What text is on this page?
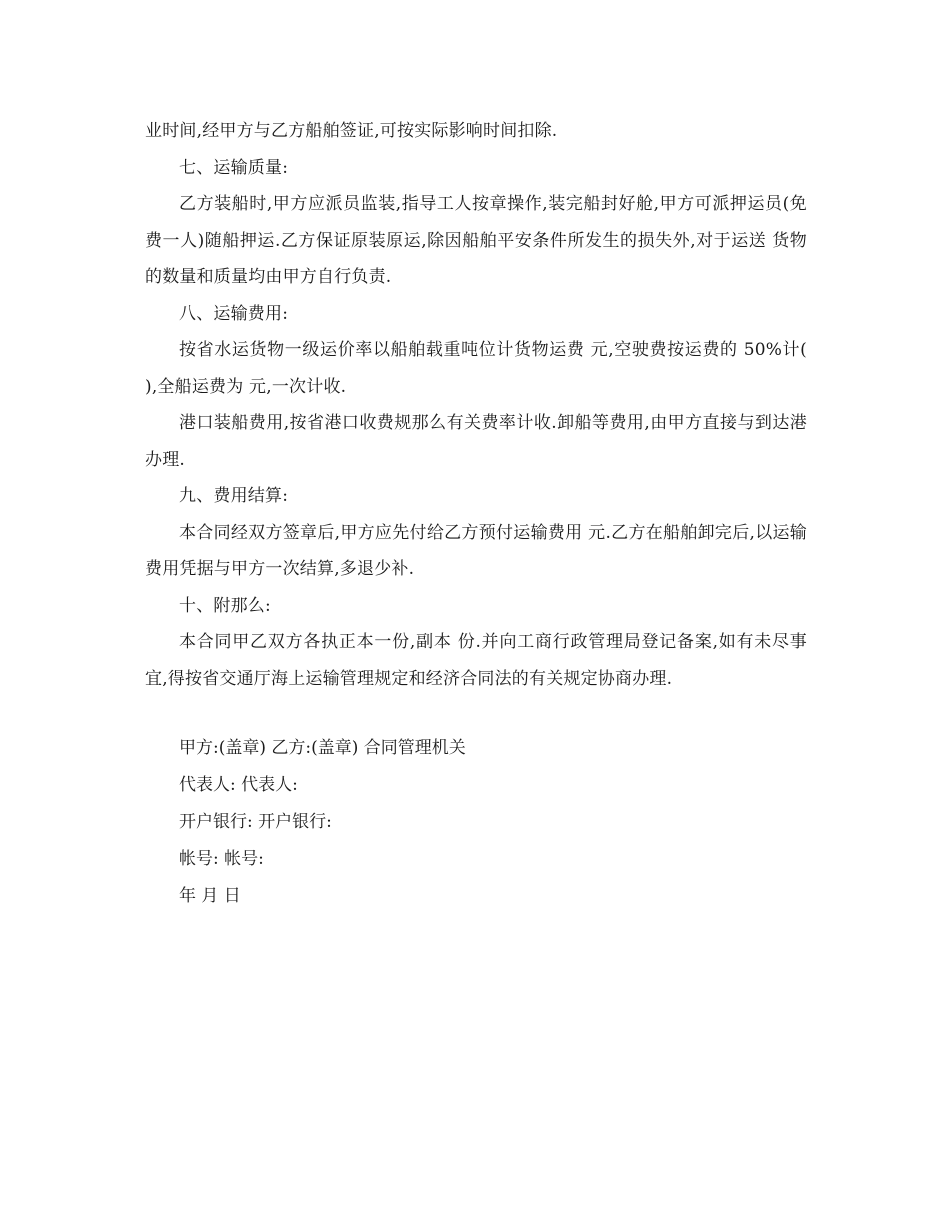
业时间,经甲方与乙方船舶签证,可按实际影响时间扣除.

七、运输质量:

乙方装船时,甲方应派员监装,指导工人按章操作,装完船封好舱,甲方可派押运员(免费一人)随船押运.乙方保证原装原运,除因船舶平安条件所发生的损失外,对于运送 货物的数量和质量均由甲方自行负责.

八、运输费用:

按省水运货物一级运价率以船舶载重吨位计货物运费 元,空驶费按运费的 50%计( ),全船运费为 元,一次计收.

港口装船费用,按省港口收费规那么有关费率计收.卸船等费用,由甲方直接与到达港办理.

九、费用结算:

本合同经双方签章后,甲方应先付给乙方预付运输费用 元.乙方在船舶卸完后,以运输费用凭据与甲方一次结算,多退少补.

十、附那么:

本合同甲乙双方各执正本一份,副本 份.并向工商行政管理局登记备案,如有未尽事宜,得按省交通厅海上运输管理规定和经济合同法的有关规定协商办理.

甲方:(盖章) 乙方:(盖章) 合同管理机关

代表人: 代表人:

开户银行: 开户银行:

帐号: 帐号:

年 月 日
